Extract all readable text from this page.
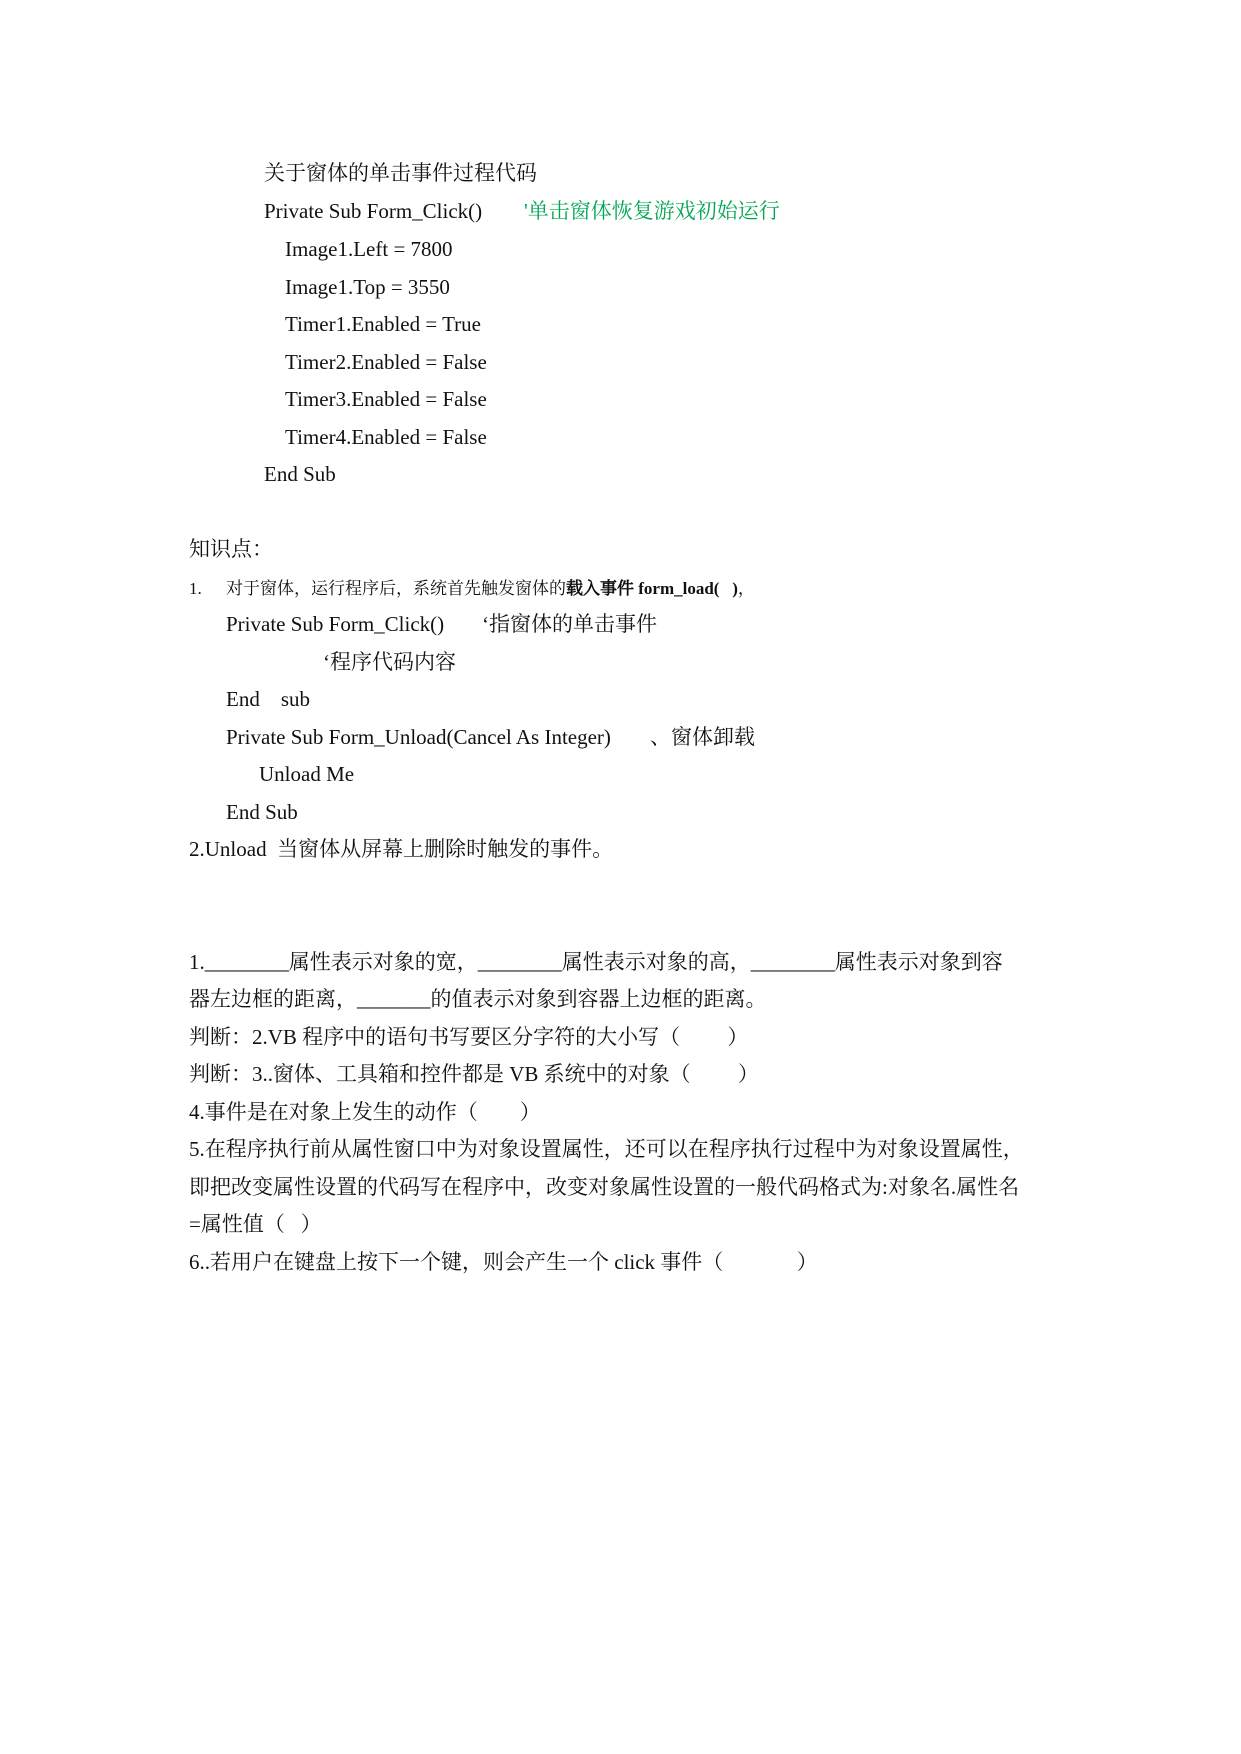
关于窗体的单击事件过程代码
Private Sub Form_Click() '单击窗体恢复游戏初始运行
Image1.Left = 7800
Image1.Top = 3550
Timer1.Enabled = True
Timer2.Enabled = False
Timer3.Enabled = False
Timer4.Enabled = False
End Sub
知识点：
1. 对于窗体，运行程序后，系统首先触发窗体的载入事件 form_load(   )，
Private Sub Form_Click() ‘指窗体的单击事件
‘程序代码内容
End    sub
Private Sub Form_Unload(Cancel As Integer) 、窗体卸载
Unload Me
End Sub
2.Unload  当窗体从屏幕上删除时触发的事件。
1.________属性表示对象的宽，________属性表示对象的高，________属性表示对象到容
器左边框的距离，_______的值表示对象到容器上边框的距离。
判断：2.VB 程序中的语句书写要区分字符的大小写（         ）
判断：3..窗体、工具箱和控件都是 VB 系统中的对象（         ）
4.事件是在对象上发生的动作（        ）
5.在程序执行前从属性窗口中为对象设置属性，还可以在程序执行过程中为对象设置属性，
即把改变属性设置的代码写在程序中，改变对象属性设置的一般代码格式为:对象名.属性名
=属性值（   ）
6..若用户在键盘上按下一个键，则会产生一个 click 事件（              ）
